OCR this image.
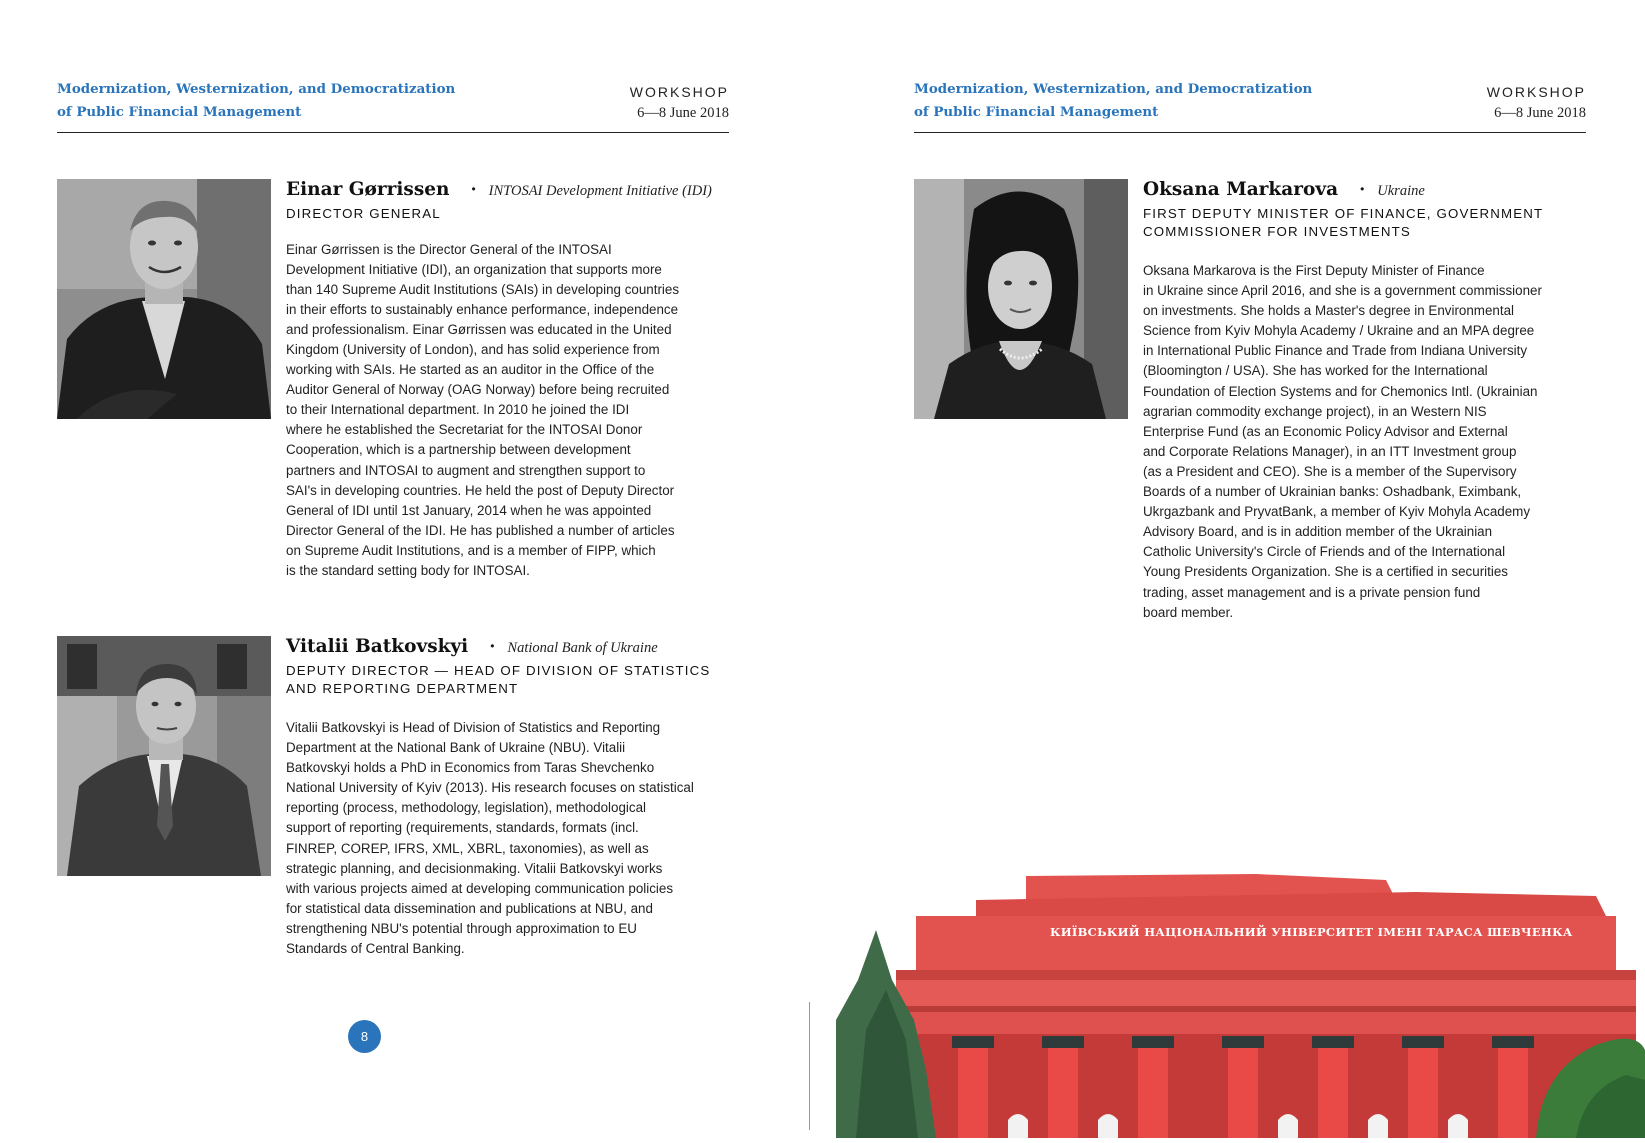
Modernization, Westernization, and Democratization
of Public Financial Management
WORKSHOP
6—8 June 2018
Einar Gørrissen • INTOSAI Development Initiative (IDI)
DIRECTOR GENERAL
Einar Gørrissen is the Director General of the INTOSAI
Development Initiative (IDI), an organization that supports more
than 140 Supreme Audit Institutions (SAIs) in developing countries
in their efforts to sustainably enhance performance, independence
and professionalism. Einar Gørrissen was educated in the United
Kingdom (University of London), and has solid experience from
working with SAIs. He started as an auditor in the Office of the
Auditor General of Norway (OAG Norway) before being recruited
to their International department. In 2010 he joined the IDI
where he established the Secretariat for the INTOSAI Donor
Cooperation, which is a partnership between development
partners and INTOSAI to augment and strengthen support to
SAI's in developing countries. He held the post of Deputy Director
General of IDI until 1st January, 2014 when he was appointed
Director General of the IDI. He has published a number of articles
on Supreme Audit Institutions, and is a member of FIPP, which
is the standard setting body for INTOSAI.
Vitalii Batkovskyi • National Bank of Ukraine
DEPUTY DIRECTOR — HEAD OF DIVISION OF STATISTICS
AND REPORTING DEPARTMENT
Vitalii Batkovskyi is Head of Division of Statistics and Reporting
Department at the National Bank of Ukraine (NBU). Vitalii
Batkovskyi holds a PhD in Economics from Taras Shevchenko
National University of Kyiv (2013). His research focuses on statistical
reporting (process, methodology, legislation), methodological
support of reporting (requirements, standards, formats (incl.
FINREP, COREP, IFRS, XML, XBRL, taxonomies), as well as
strategic planning, and decisionmaking. Vitalii Batkovskyi works
with various projects aimed at developing communication policies
for statistical data dissemination and publications at NBU, and
strengthening NBU's potential through approximation to EU
Standards of Central Banking.
8
Modernization, Westernization, and Democratization
of Public Financial Management
WORKSHOP
6—8 June 2018
Oksana Markarova • Ukraine
FIRST DEPUTY MINISTER OF FINANCE, GOVERNMENT
COMMISSIONER FOR INVESTMENTS
Oksana Markarova is the First Deputy Minister of Finance
in Ukraine since April 2016, and she is a government commissioner
on investments. She holds a Master's degree in Environmental
Science from Kyiv Mohyla Academy / Ukraine and an MPA degree
in International Public Finance and Trade from Indiana University
(Bloomington / USA). She has worked for the International
Foundation of Election Systems and for Chemonics Intl. (Ukrainian
agrarian commodity exchange project), in an Western NIS
Enterprise Fund (as an Economic Policy Advisor and External
and Corporate Relations Manager), in an ITT Investment group
(as a President and CEO). She is a member of the Supervisory
Boards of a number of Ukrainian banks: Oshadbank, Eximbank,
Ukrgazbank and PryvatBank, a member of Kyiv Mohyla Academy
Advisory Board, and is in addition member of the Ukrainian
Catholic University's Circle of Friends and of the International
Young Presidents Organization. She is a certified in securities
trading, asset management and is a private pension fund
board member.
КИЇВСЬКИЙ НАЦІОНАЛЬНИЙ УНІВЕРСИТЕТ ІМЕНІ ТАРАСА ШЕВЧЕНКА
